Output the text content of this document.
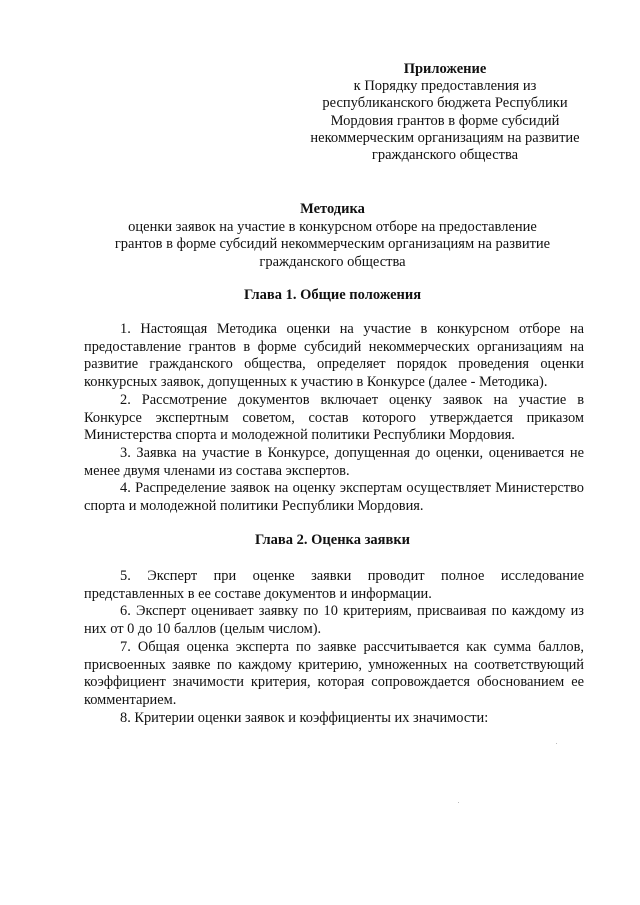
Приложение
к Порядку предоставления из
республиканского бюджета Республики
Мордовия грантов в форме субсидий
некоммерческим организациям на развитие
гражданского общества
Методика
оценки заявок на участие в конкурсном отборе на предоставление
грантов в форме субсидий некоммерческим организациям на развитие
гражданского общества
Глава 1. Общие положения

1. Настоящая Методика оценки на участие в конкурсном отборе на предоставление грантов в форме субсидий некоммерческих организациям на развитие гражданского общества, определяет порядок проведения оценки конкурсных заявок, допущенных к участию в Конкурсе (далее - Методика).

2. Рассмотрение документов включает оценку заявок на участие в Конкурсе экспертным советом, состав которого утверждается приказом Министерства спорта и молодежной политики Республики Мордовия.

3. Заявка на участие в Конкурсе, допущенная до оценки, оценивается не менее двумя членами из состава экспертов.

4. Распределение заявок на оценку экспертам осуществляет Министерство спорта и молодежной политики Республики Мордовия.

Глава 2. Оценка заявки

5. Эксперт при оценке заявки проводит полное исследование представленных в ее составе документов и информации.

6. Эксперт оценивает заявку по 10 критериям, присваивая по каждому из них от 0 до 10 баллов (целым числом).

7. Общая оценка эксперта по заявке рассчитывается как сумма баллов, присвоенных заявке по каждому критерию, умноженных на соответствующий коэффициент значимости критерия, которая сопровождается обоснованием ее комментарием.

8. Критерии оценки заявок и коэффициенты их значимости:
